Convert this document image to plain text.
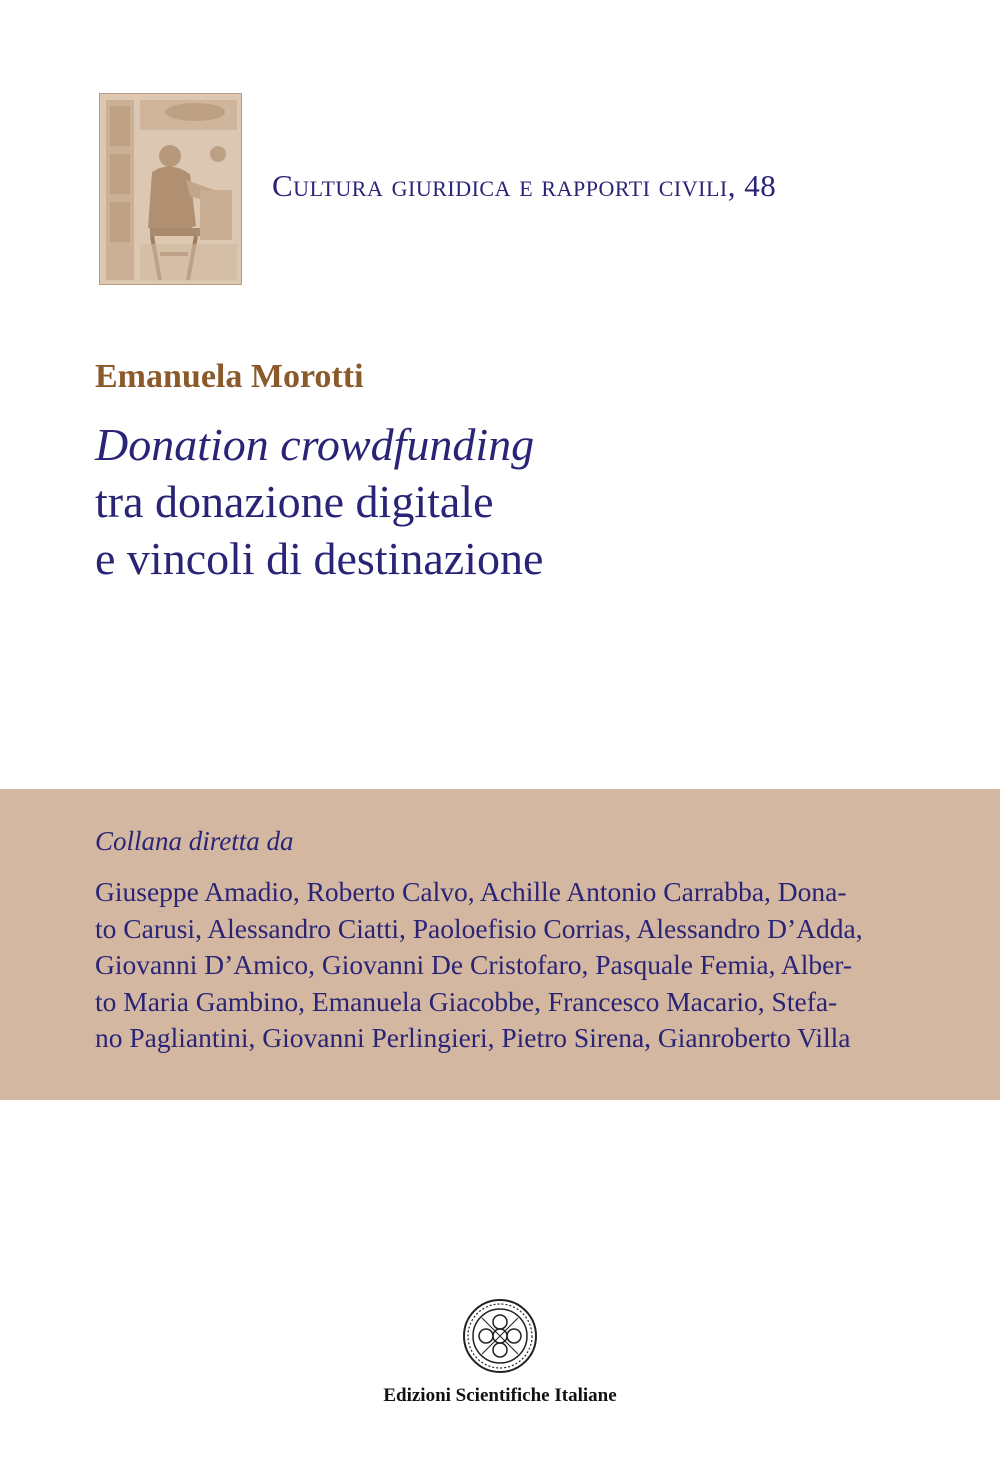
Cultura giuridica e rapporti civili, 48
Emanuela Morotti
Donation crowdfunding
tra donazione digitale
e vincoli di destinazione
Collana diretta da
Giuseppe Amadio, Roberto Calvo, Achille Antonio Carrabba, Dona-
to Carusi, Alessandro Ciatti, Paoloefisio Corrias, Alessandro D’Adda,
Giovanni D’Amico, Giovanni De Cristofaro, Pasquale Femia, Alber-
to Maria Gambino, Emanuela Giacobbe, Francesco Macario, Stefa-
no Pagliantini, Giovanni Perlingieri, Pietro Sirena, Gianroberto Villa
Edizioni Scientifiche Italiane
